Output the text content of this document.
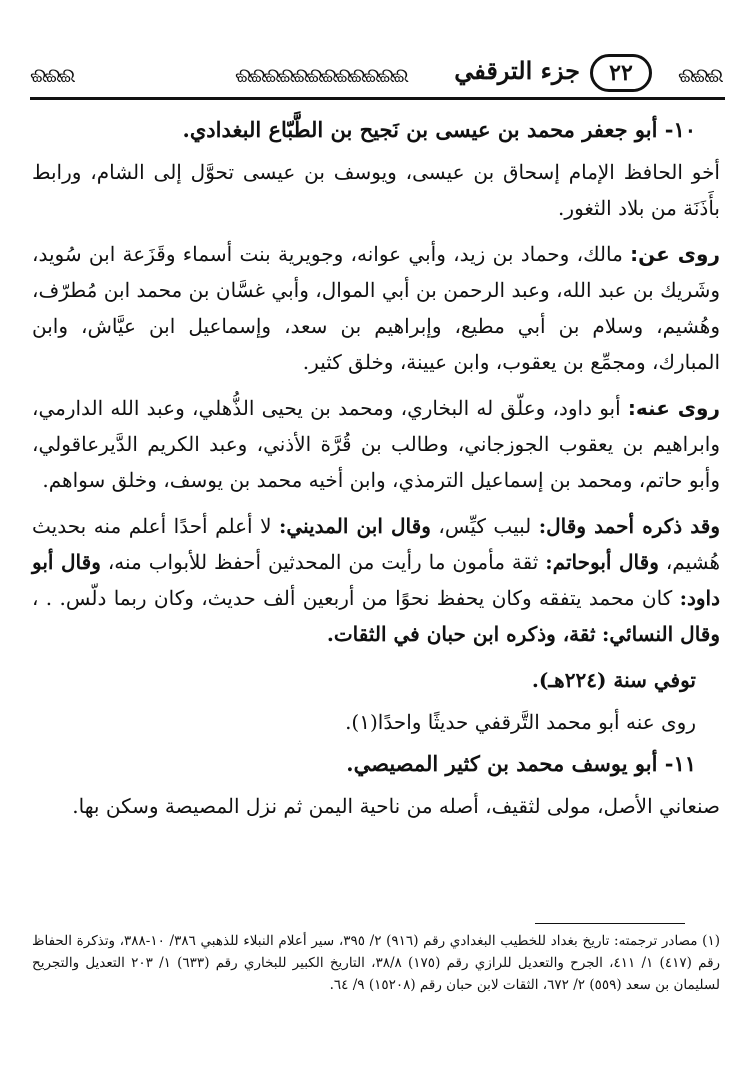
ଈଈଈ	ଈଈଈଈଈଈଈଈଈଈଈଈ	جزء الترقفي	٢٢	ଈଈଈ

١٠- أبو جعفر محمد بن عيسى بن نَجيح بن الطَّبّاع البغدادي.

أخو الحافظ الإمام إسحاق بن عيسى، ويوسف بن عيسى تحوَّل إلى الشام، ورابط بأَذَنَة من بلاد الثغور.

روى عن: مالك، وحماد بن زيد، وأبي عوانه، وجويرية بنت أسماء وقَزَعة ابن سُويد، وشَريك بن عبد الله، وعبد الرحمن بن أبي الموال، وأبي غسَّان بن محمد ابن مُطرّف، وهُشيم، وسلام بن أبي مطيع، وإبراهيم بن سعد، وإسماعيل ابن عيَّاش، وابن المبارك، ومجمِّع بن يعقوب، وابن عيينة، وخلق كثير.

روى عنه: أبو داود، وعلّق له البخاري، ومحمد بن يحيى الذُّهلي، وعبد الله الدارمي، وابراهيم بن يعقوب الجوزجاني، وطالب بن قُرَّة الأذني، وعبد الكريم الدَّيرعاقولي، وأبو حاتم، ومحمد بن إسماعيل الترمذي، وابن أخيه محمد بن يوسف، وخلق سواهم.

وقد ذكره أحمد وقال: لبيب كيِّس، وقال ابن المديني: لا أعلم أحدًا أعلم منه بحديث هُشيم، وقال أبوحاتم: ثقة مأمون ما رأيت من المحدثين أحفظ للأبواب منه، وقال أبو داود: كان محمد يتفقه وكان يحفظ نحوًا من أربعين ألف حديث، وكان ربما دلّس. . ، وقال النسائي: ثقة، وذكره ابن حبان في الثقات.

توفي سنة (٢٢٤هـ).

روى عنه أبو محمد التَّرقفي حديثًا واحدًا(١).

١١- أبو يوسف محمد بن كثير المصيصي.

صنعاني الأصل، مولى لثقيف، أصله من ناحية اليمن ثم نزل المصيصة وسكن بها.

(١) مصادر ترجمته: تاريخ بغداد للخطيب البغدادي رقم (٩١٦) ٢/ ٣٩٥، سير أعلام النبلاء للذهبي ٣٨٦/ ١٠-٣٨٨، وتذكرة الحفاظ رقم (٤١٧) ١/ ٤١١، الجرح والتعديل للرازي رقم (١٧٥) ٣٨/٨، التاريخ الكبير للبخاري رقم (٦٣٣) ١/ ٢٠٣ التعديل والتجريح لسليمان بن سعد (٥٥٩) ٢/ ٦٧٢، الثقات لابن حبان رقم (١٥٢٠٨) ٩/ ٦٤.
